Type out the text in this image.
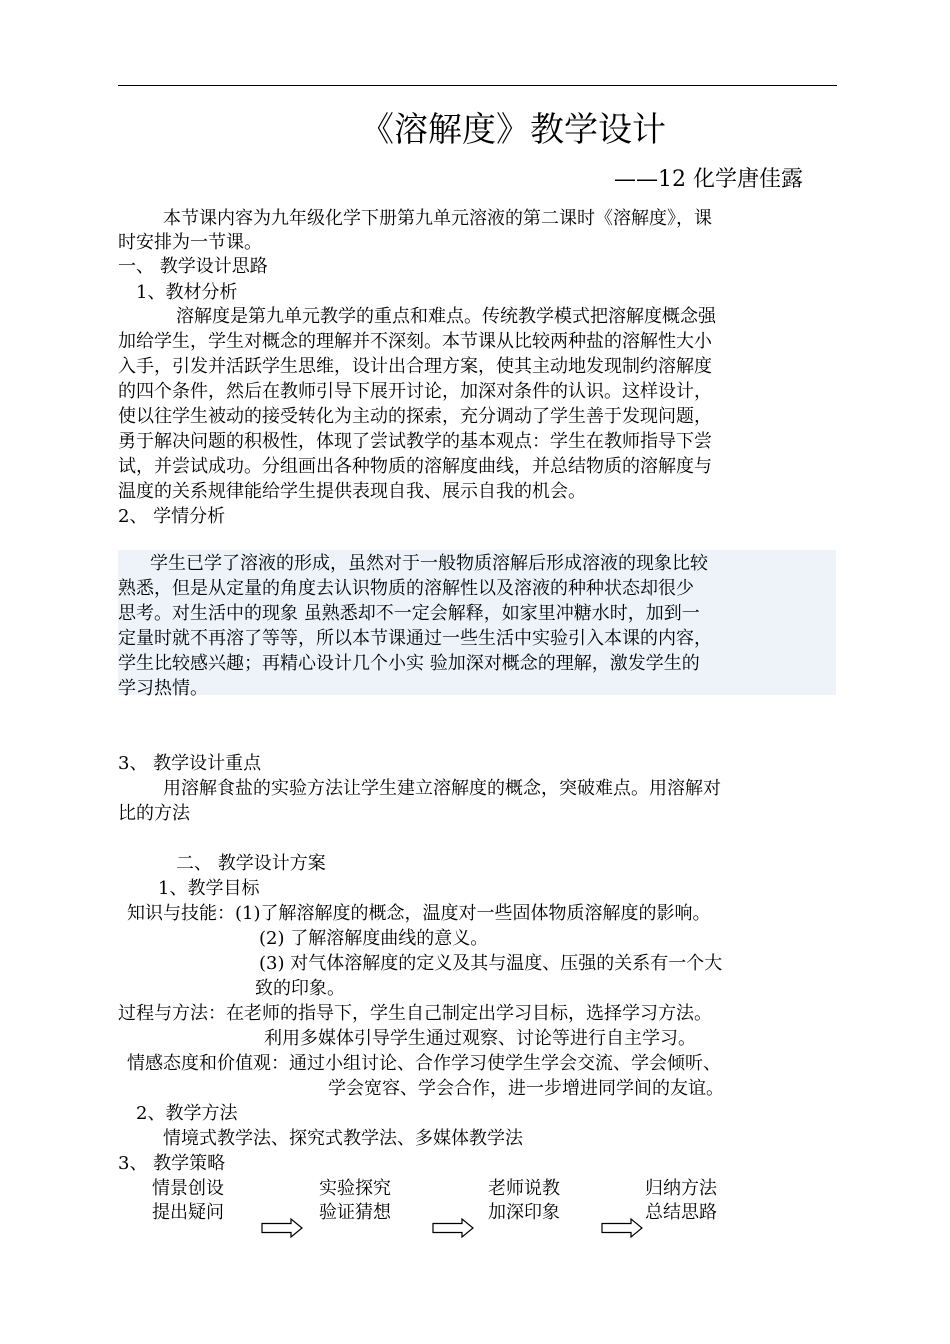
《溶解度》教学设计
——12 化学唐佳露
本节课内容为九年级化学下册第九单元溶液的第二课时《溶解度》，课
时安排为一节课。
一、 教学设计思路
1、教材分析
溶解度是第九单元教学的重点和难点。传统教学模式把溶解度概念强
加给学生，学生对概念的理解并不深刻。本节课从比较两种盐的溶解性大小
入手，引发并活跃学生思维，设计出合理方案，使其主动地发现制约溶解度
的四个条件，然后在教师引导下展开讨论，加深对条件的认识。这样设计，
使以往学生被动的接受转化为主动的探索，充分调动了学生善于发现问题，
勇于解决问题的积极性，体现了尝试教学的基本观点：学生在教师指导下尝
试，并尝试成功。分组画出各种物质的溶解度曲线，并总结物质的溶解度与
温度的关系规律能给学生提供表现自我、展示自我的机会。
2、 学情分析
学生已学了溶液的形成，虽然对于一般物质溶解后形成溶液的现象比较
熟悉，但是从定量的角度去认识物质的溶解性以及溶液的种种状态却很少
思考。对生活中的现象 虽熟悉却不一定会解释，如家里冲糖水时，加到一
定量时就不再溶了等等，所以本节课通过一些生活中实验引入本课的内容，
学生比较感兴趣；再精心设计几个小实 验加深对概念的理解，激发学生的
学习热情。
3、 教学设计重点
用溶解食盐的实验方法让学生建立溶解度的概念，突破难点。用溶解对
比的方法
二、 教学设计方案
1、教学目标
知识与技能：(1)了解溶解度的概念，温度对一些固体物质溶解度的影响。
(2) 了解溶解度曲线的意义。
(3) 对气体溶解度的定义及其与温度、压强的关系有一个大
致的印象。
过程与方法：在老师的指导下，学生自己制定出学习目标，选择学习方法。
利用多媒体引导学生通过观察、讨论等进行自主学习。
情感态度和价值观：通过小组讨论、合作学习使学生学会交流、学会倾听、
学会宽容、学会合作，进一步增进同学间的友谊。
2、教学方法
情境式教学法、探究式教学法、多媒体教学法
3、 教学策略
情景创设
提出疑问
实验探究
验证猜想
老师说教
加深印象
归纳方法
总结思路
